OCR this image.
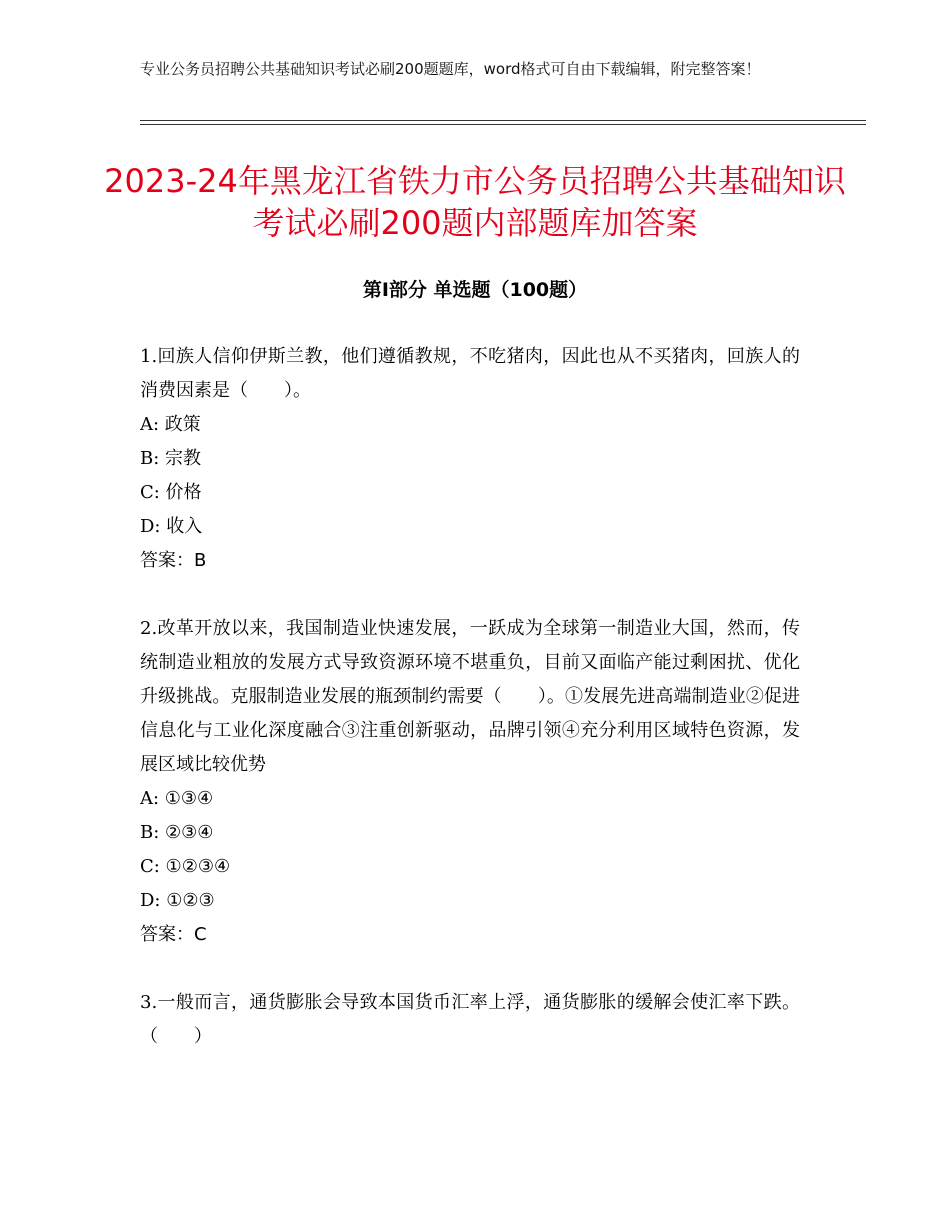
专业公务员招聘公共基础知识考试必刷200题题库，word格式可自由下载编辑，附完整答案！
2023-24年黑龙江省铁力市公务员招聘公共基础知识考试必刷200题内部题库加答案
第Ⅰ部分 单选题（100题）
1.回族人信仰伊斯兰教，他们遵循教规，不吃猪肉，因此也从不买猪肉，回族人的消费因素是（　　）。
A: 政策
B: 宗教
C: 价格
D: 收入
答案：B
2.改革开放以来，我国制造业快速发展，一跃成为全球第一制造业大国，然而，传统制造业粗放的发展方式导致资源环境不堪重负，目前又面临产能过剩困扰、优化升级挑战。克服制造业发展的瓶颈制约需要（　　）。①发展先进高端制造业②促进信息化与工业化深度融合③注重创新驱动，品牌引领④充分利用区域特色资源，发展区域比较优势
A: ①③④
B: ②③④
C: ①②③④
D: ①②③
答案：C
3.一般而言，通货膨胀会导致本国货币汇率上浮，通货膨胀的缓解会使汇率下跌。（　　）
